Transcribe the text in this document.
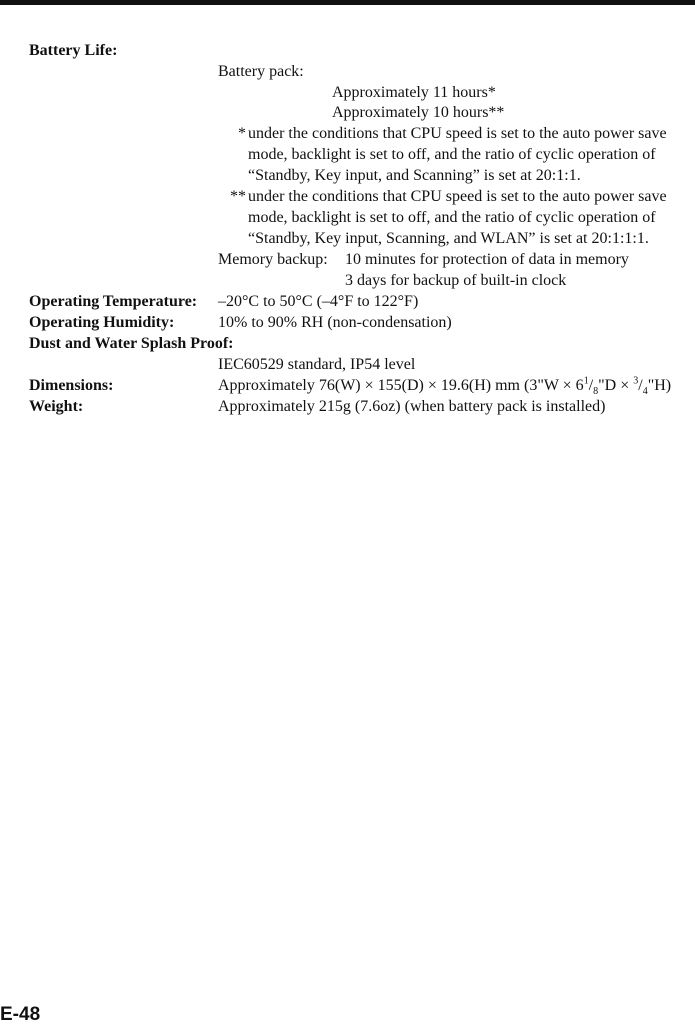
Battery Life:
Battery pack:
Approximately 11 hours*
Approximately 10 hours**
* under the conditions that CPU speed is set to the auto power save
mode, backlight is set to off, and the ratio of cyclic operation of
“Standby, Key input, and Scanning” is set at 20:1:1.
** under the conditions that CPU speed is set to the auto power save
mode, backlight is set to off, and the ratio of cyclic operation of
“Standby, Key input, Scanning, and WLAN” is set at 20:1:1:1.
Memory backup: 10 minutes for protection of data in memory
3 days for backup of built-in clock
Operating Temperature: –20°C to 50°C (–4°F to 122°F)
Operating Humidity:	10% to 90% RH (non-condensation)
Dust and Water Splash Proof:
IEC60529 standard, IP54 level
Dimensions:	Approximately 76(W) × 155(D) × 19.6(H) mm (3"W × $6^1/_8"D$ × $^3/_4"H$)
Weight:	Approximately 215g (7.6oz) (when battery pack is installed)
E-48
